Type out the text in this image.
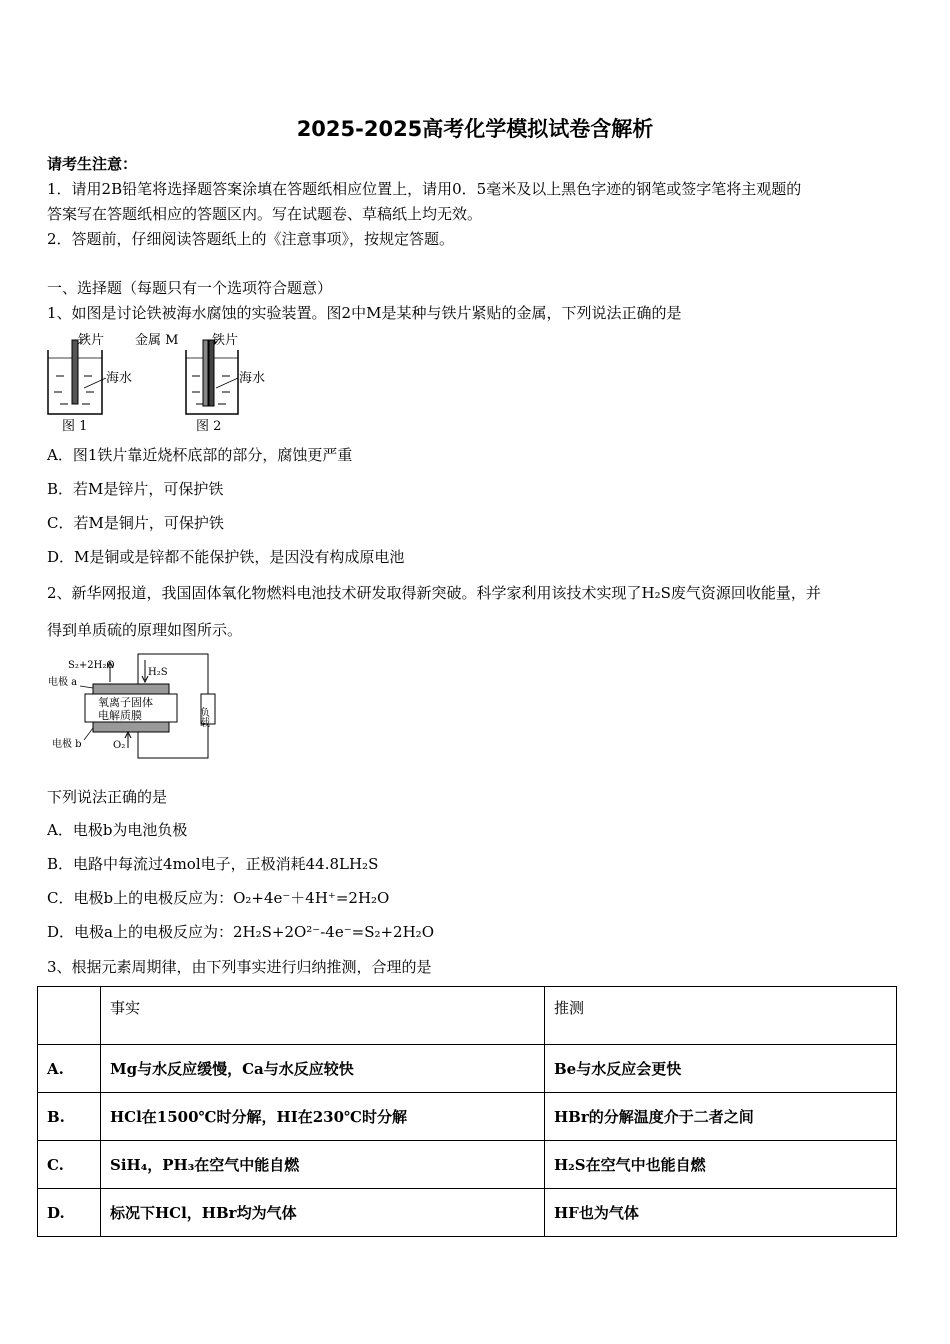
2025-2025高考化学模拟试卷含解析
请考生注意：
1．请用2B铅笔将选择题答案涂填在答题纸相应位置上，请用0．5毫米及以上黑色字迹的钢笔或签字笔将主观题的
答案写在答题纸相应的答题区内。写在试题卷、草稿纸上均无效。
2．答题前，仔细阅读答题纸上的《注意事项》，按规定答题。
一、选择题（每题只有一个选项符合题意）
1、如图是讨论铁被海水腐蚀的实验装置。图2中M是某种与铁片紧贴的金属，下列说法正确的是
铁片
海水
图 1
金属 M	铁片
海水
图 2
A．图1铁片靠近烧杯底部的部分，腐蚀更严重
B．若M是锌片，可保护铁
C．若M是铜片，可保护铁
D．M是铜或是锌都不能保护铁，是因没有构成原电池
2、新华网报道，我国固体氧化物燃料电池技术研发取得新突破。科学家利用该技术实现了H₂S废气资源回收能量，并
得到单质硫的原理如图所示。
S₂+2H₂O
H₂S
电极 a
氧离子固体
电解质膜
电极 b	O₂
负载
下列说法正确的是
A．电极b为电池负极
B．电路中每流过4mol电子，正极消耗44.8LH₂S
C．电极b上的电极反应为：O₂+4e⁻＋4H⁺=2H₂O
D．电极a上的电极反应为：2H₂S+2O²⁻-4e⁻=S₂+2H₂O
3、根据元素周期律，由下列事实进行归纳推测，合理的是
	事实	推测
A.	Mg与水反应缓慢，Ca与水反应较快	Be与水反应会更快
B.	HCl在1500℃时分解，HI在230℃时分解	HBr的分解温度介于二者之间
C.	SiH₄，PH₃在空气中能自燃	H₂S在空气中也能自燃
D.	标况下HCl，HBr均为气体	HF也为气体
